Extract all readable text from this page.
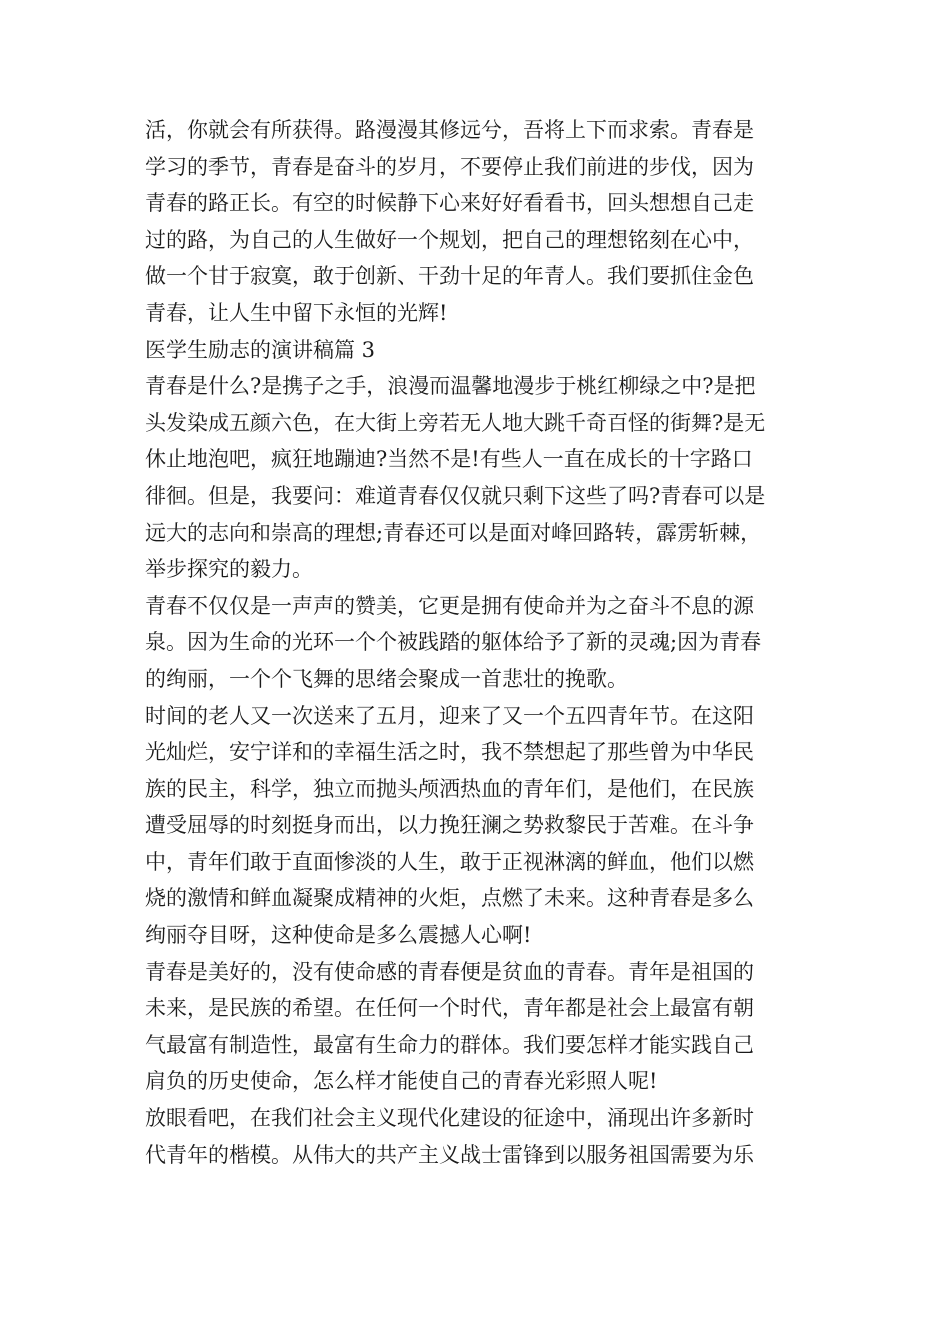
活，你就会有所获得。路漫漫其修远兮，吾将上下而求索。青春是
学习的季节，青春是奋斗的岁月，不要停止我们前进的步伐，因为
青春的路正长。有空的时候静下心来好好看看书，回头想想自己走
过的路，为自己的人生做好一个规划，把自己的理想铭刻在心中，
做一个甘于寂寞，敢于创新、干劲十足的年青人。我们要抓住金色
青春，让人生中留下永恒的光辉!
医学生励志的演讲稿篇 3
青春是什么?是携子之手，浪漫而温馨地漫步于桃红柳绿之中?是把
头发染成五颜六色，在大街上旁若无人地大跳千奇百怪的街舞?是无
休止地泡吧，疯狂地蹦迪?当然不是!有些人一直在成长的十字路口
徘徊。但是，我要问：难道青春仅仅就只剩下这些了吗?青春可以是
远大的志向和崇高的理想;青春还可以是面对峰回路转，霹雳斩棘，
举步探究的毅力。
青春不仅仅是一声声的赞美，它更是拥有使命并为之奋斗不息的源
泉。因为生命的光环一个个被践踏的躯体给予了新的灵魂;因为青春
的绚丽，一个个飞舞的思绪会聚成一首悲壮的挽歌。
时间的老人又一次送来了五月，迎来了又一个五四青年节。在这阳
光灿烂，安宁详和的幸福生活之时，我不禁想起了那些曾为中华民
族的民主，科学，独立而抛头颅洒热血的青年们，是他们，在民族
遭受屈辱的时刻挺身而出，以力挽狂澜之势救黎民于苦难。在斗争
中，青年们敢于直面惨淡的人生，敢于正视淋漓的鲜血，他们以燃
烧的激情和鲜血凝聚成精神的火炬，点燃了未来。这种青春是多么
绚丽夺目呀，这种使命是多么震撼人心啊!
青春是美好的，没有使命感的青春便是贫血的青春。青年是祖国的
未来，是民族的希望。在任何一个时代，青年都是社会上最富有朝
气最富有制造性，最富有生命力的群体。我们要怎样才能实践自己
肩负的历史使命，怎么样才能使自己的青春光彩照人呢!
放眼看吧，在我们社会主义现代化建设的征途中，涌现出许多新时
代青年的楷模。从伟大的共产主义战士雷锋到以服务祖国需要为乐
